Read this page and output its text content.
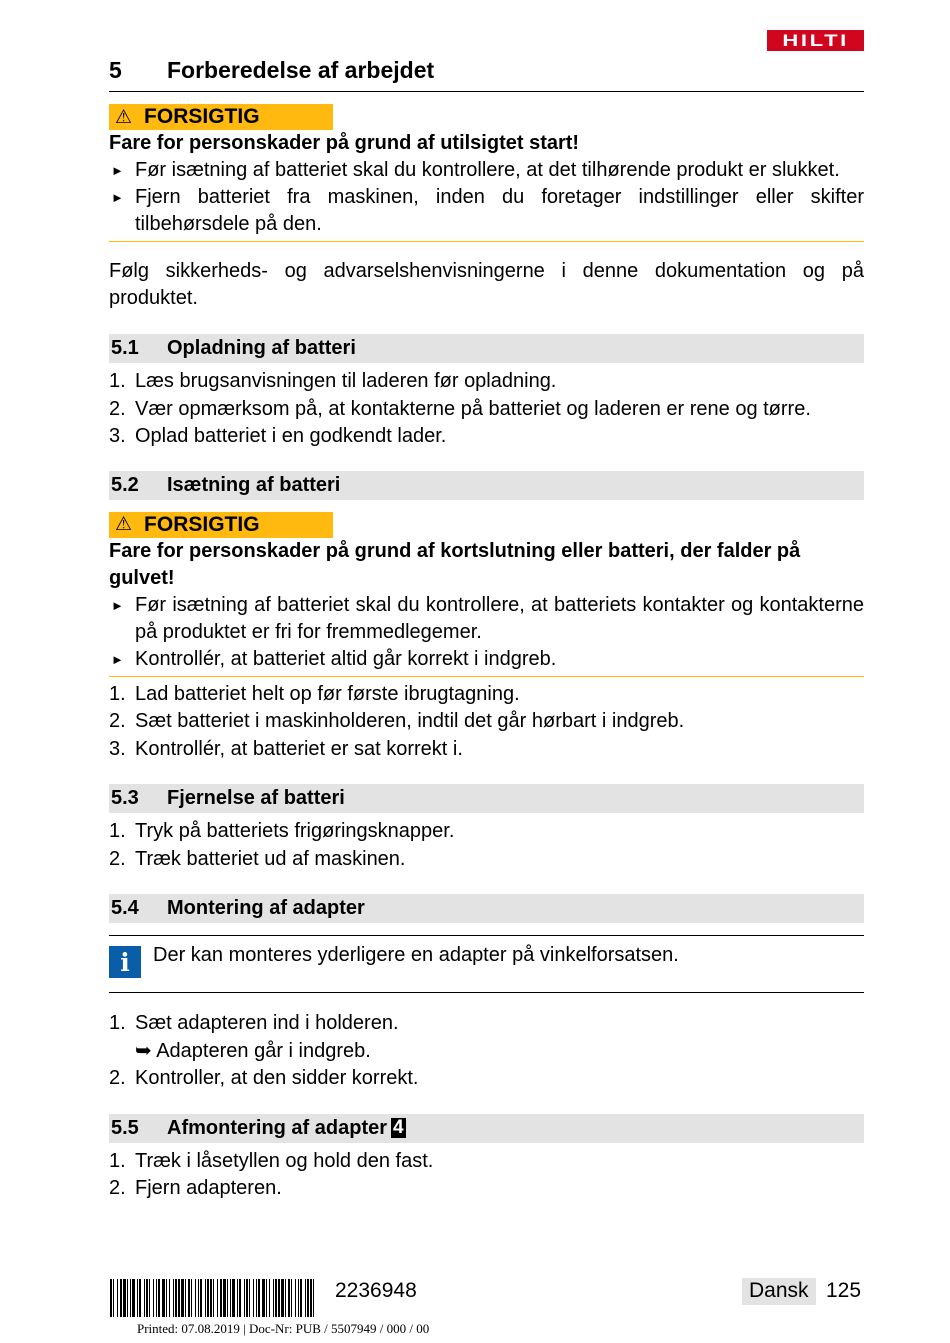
HILTI
5	Forberedelse af arbejdet
⚠ FORSIGTIG
Fare for personskader på grund af utilsigtet start!
► Før isætning af batteriet skal du kontrollere, at det tilhørende produkt er slukket.
► Fjern batteriet fra maskinen, inden du foretager indstillinger eller skifter tilbehørsdele på den.
Følg sikkerheds- og advarselshenvisningerne i denne dokumentation og på produktet.
5.1	Opladning af batteri
1. Læs brugsanvisningen til laderen før opladning.
2. Vær opmærksom på, at kontakterne på batteriet og laderen er rene og tørre.
3. Oplad batteriet i en godkendt lader.
5.2	Isætning af batteri
⚠ FORSIGTIG
Fare for personskader på grund af kortslutning eller batteri, der falder på gulvet!
► Før isætning af batteriet skal du kontrollere, at batteriets kontakter og kontakterne på produktet er fri for fremmedlegemer.
► Kontrollér, at batteriet altid går korrekt i indgreb.
1. Lad batteriet helt op før første ibrugtagning.
2. Sæt batteriet i maskinholderen, indtil det går hørbart i indgreb.
3. Kontrollér, at batteriet er sat korrekt i.
5.3	Fjernelse af batteri
1. Tryk på batteriets frigøringsknapper.
2. Træk batteriet ud af maskinen.
5.4	Montering af adapter
i	Der kan monteres yderligere en adapter på vinkelforsatsen.
1. Sæt adapteren ind i holderen.
➥ Adapteren går i indgreb.
2. Kontroller, at den sidder korrekt.
5.5	Afmontering af adapter 4
1. Træk i låsetyllen og hold den fast.
2. Fjern adapteren.
2236948	Dansk 125
Printed: 07.08.2019 | Doc-Nr: PUB / 5507949 / 000 / 00
